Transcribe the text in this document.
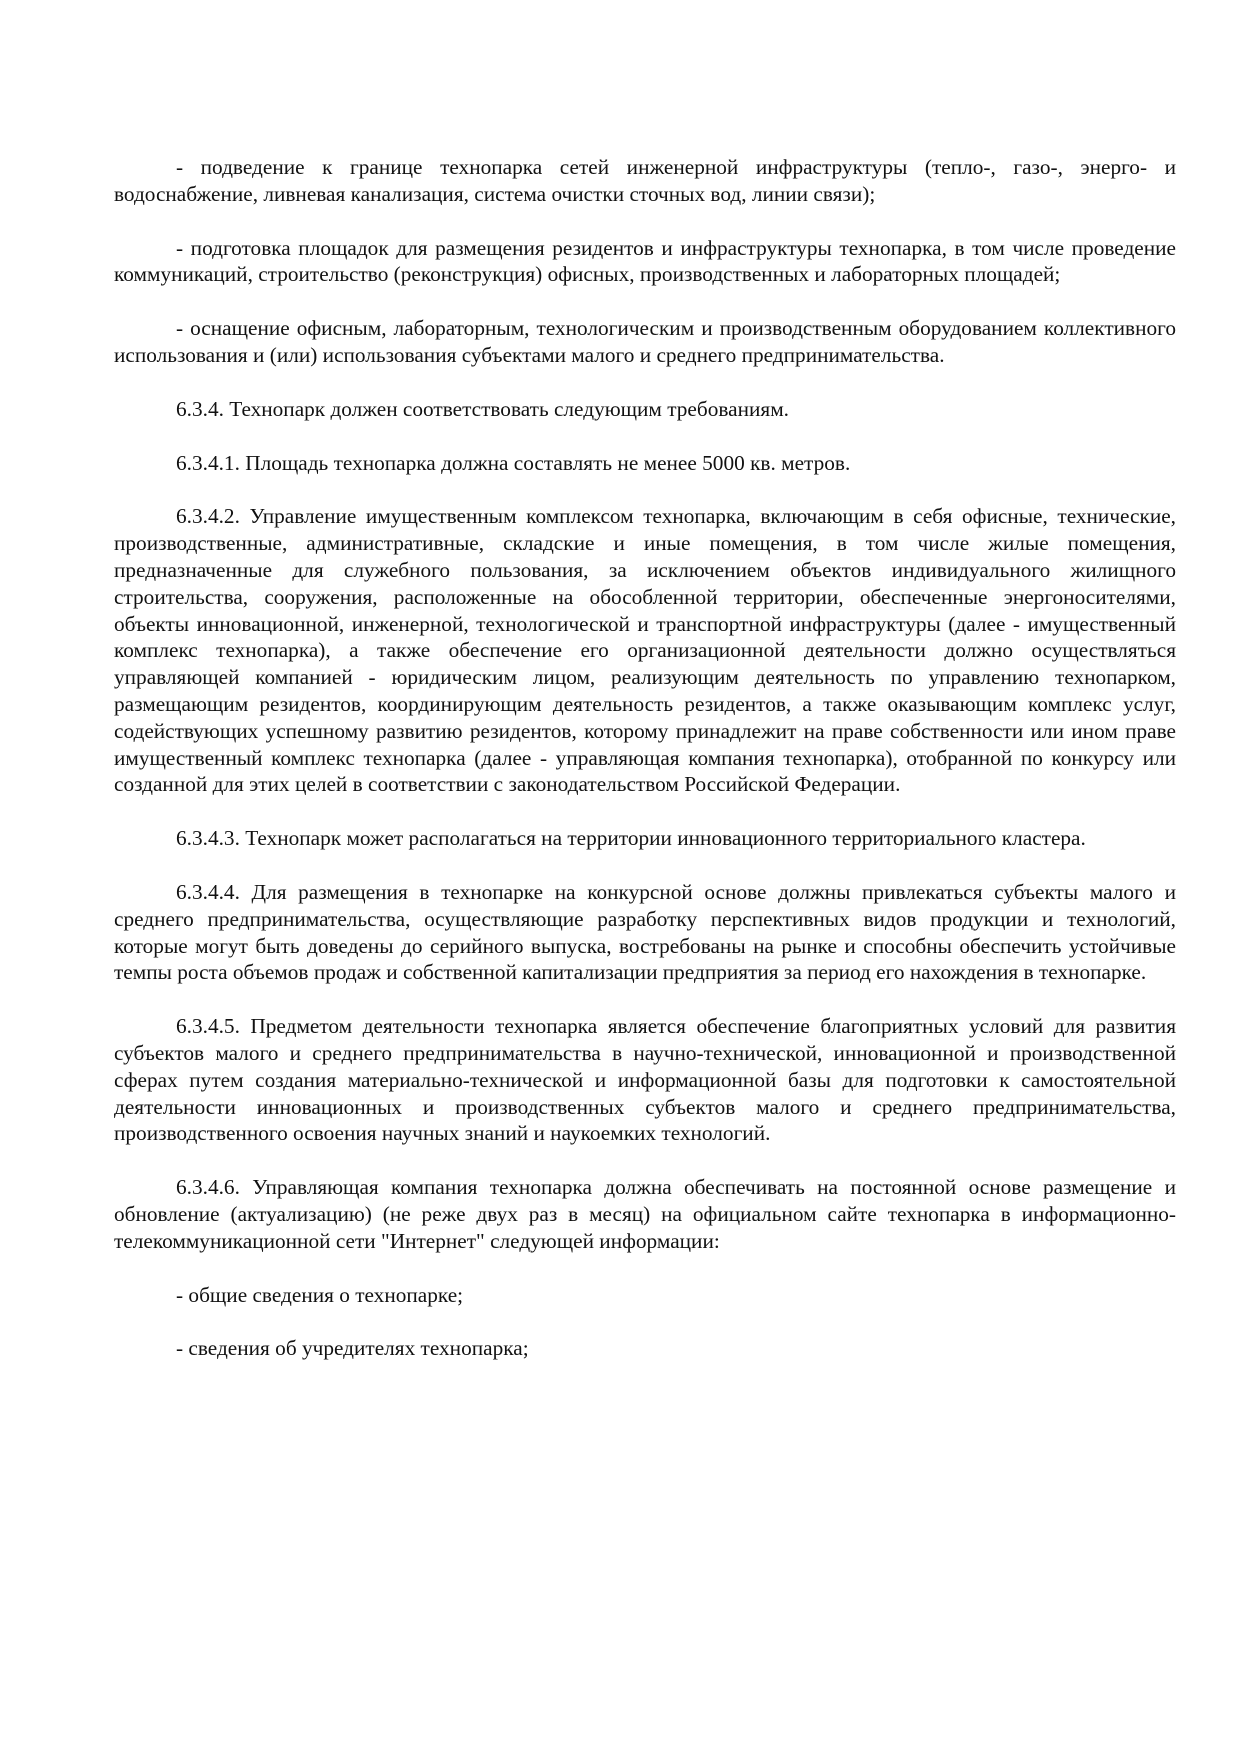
- подведение к границе технопарка сетей инженерной инфраструктуры (тепло-, газо-, энерго- и водоснабжение, ливневая канализация, система очистки сточных вод, линии связи);

- подготовка площадок для размещения резидентов и инфраструктуры технопарка, в том числе проведение коммуникаций, строительство (реконструкция) офисных, производственных и лабораторных площадей;

- оснащение офисным, лабораторным, технологическим и производственным оборудованием коллективного использования и (или) использования субъектами малого и среднего предпринимательства.

6.3.4. Технопарк должен соответствовать следующим требованиям.

6.3.4.1. Площадь технопарка должна составлять не менее 5000 кв. метров.

6.3.4.2. Управление имущественным комплексом технопарка, включающим в себя офисные, технические, производственные, административные, складские и иные помещения, в том числе жилые помещения, предназначенные для служебного пользования, за исключением объектов индивидуального жилищного строительства, сооружения, расположенные на обособленной территории, обеспеченные энергоносителями, объекты инновационной, инженерной, технологической и транспортной инфраструктуры (далее - имущественный комплекс технопарка), а также обеспечение его организационной деятельности должно осуществляться управляющей компанией - юридическим лицом, реализующим деятельность по управлению технопарком, размещающим резидентов, координирующим деятельность резидентов, а также оказывающим комплекс услуг, содействующих успешному развитию резидентов, которому принадлежит на праве собственности или ином праве имущественный комплекс технопарка (далее - управляющая компания технопарка), отобранной по конкурсу или созданной для этих целей в соответствии с законодательством Российской Федерации.

6.3.4.3. Технопарк может располагаться на территории инновационного территориального кластера.

6.3.4.4. Для размещения в технопарке на конкурсной основе должны привлекаться субъекты малого и среднего предпринимательства, осуществляющие разработку перспективных видов продукции и технологий, которые могут быть доведены до серийного выпуска, востребованы на рынке и способны обеспечить устойчивые темпы роста объемов продаж и собственной капитализации предприятия за период его нахождения в технопарке.

6.3.4.5. Предметом деятельности технопарка является обеспечение благоприятных условий для развития субъектов малого и среднего предпринимательства в научно-технической, инновационной и производственной сферах путем создания материально-технической и информационной базы для подготовки к самостоятельной деятельности инновационных и производственных субъектов малого и среднего предпринимательства, производственного освоения научных знаний и наукоемких технологий.

6.3.4.6. Управляющая компания технопарка должна обеспечивать на постоянной основе размещение и обновление (актуализацию) (не реже двух раз в месяц) на официальном сайте технопарка в информационно-телекоммуникационной сети "Интернет" следующей информации:

- общие сведения о технопарке;

- сведения об учредителях технопарка;
